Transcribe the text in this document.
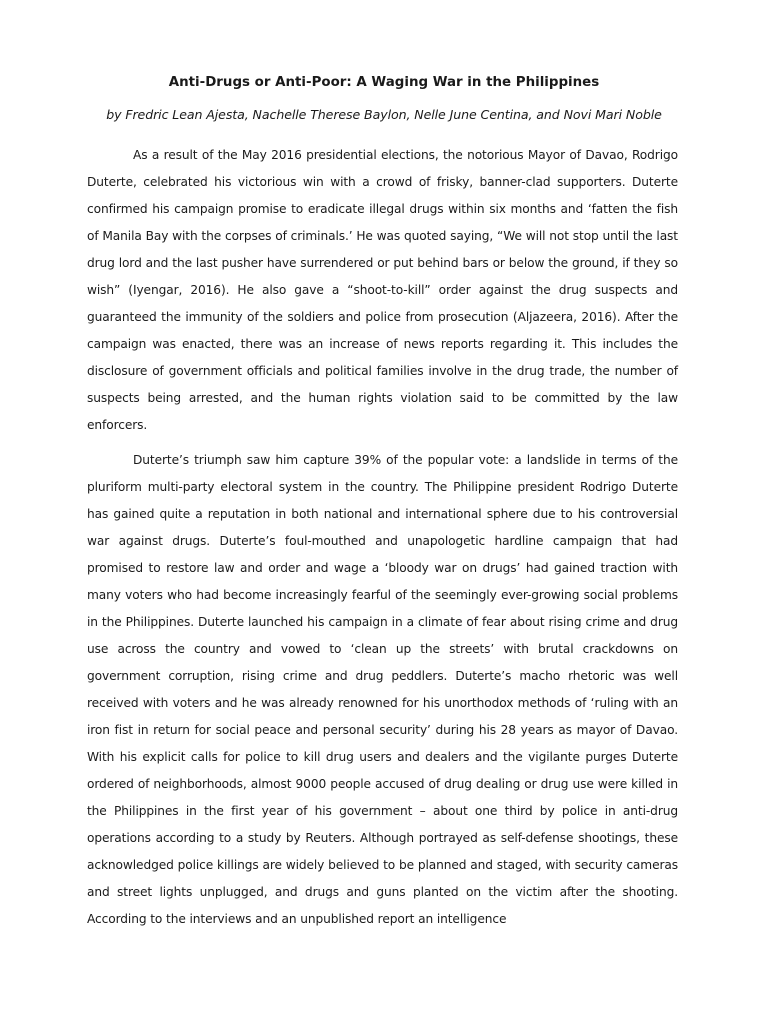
Anti-Drugs or Anti-Poor: A Waging War in the Philippines
by Fredric Lean Ajesta, Nachelle Therese Baylon, Nelle June Centina, and Novi Mari Noble

As a result of the May 2016 presidential elections, the notorious Mayor of Davao, Rodrigo Duterte, celebrated his victorious win with a crowd of frisky, banner-clad supporters. Duterte confirmed his campaign promise to eradicate illegal drugs within six months and ‘fatten the fish of Manila Bay with the corpses of criminals.’ He was quoted saying, “We will not stop until the last drug lord and the last pusher have surrendered or put behind bars or below the ground, if they so wish” (Iyengar, 2016). He also gave a “shoot-to-kill” order against the drug suspects and guaranteed the immunity of the soldiers and police from prosecution (Aljazeera, 2016). After the campaign was enacted, there was an increase of news reports regarding it. This includes the disclosure of government officials and political families involve in the drug trade, the number of suspects being arrested, and the human rights violation said to be committed by the law enforcers.

Duterte’s triumph saw him capture 39% of the popular vote: a landslide in terms of the pluriform multi-party electoral system in the country. The Philippine president Rodrigo Duterte has gained quite a reputation in both national and international sphere due to his controversial war against drugs. Duterte’s foul-mouthed and unapologetic hardline campaign that had promised to restore law and order and wage a ‘bloody war on drugs’ had gained traction with many voters who had become increasingly fearful of the seemingly ever-growing social problems in the Philippines. Duterte launched his campaign in a climate of fear about rising crime and drug use across the country and vowed to ‘clean up the streets’ with brutal crackdowns on government corruption, rising crime and drug peddlers. Duterte’s macho rhetoric was well received with voters and he was already renowned for his unorthodox methods of ‘ruling with an iron fist in return for social peace and personal security’ during his 28 years as mayor of Davao. With his explicit calls for police to kill drug users and dealers and the vigilante purges Duterte ordered of neighborhoods, almost 9000 people accused of drug dealing or drug use were killed in the Philippines in the first year of his government – about one third by police in anti-drug operations according to a study by Reuters. Although portrayed as self-defense shootings, these acknowledged police killings are widely believed to be planned and staged, with security cameras and street lights unplugged, and drugs and guns planted on the victim after the shooting. According to the interviews and an unpublished report an intelligence
